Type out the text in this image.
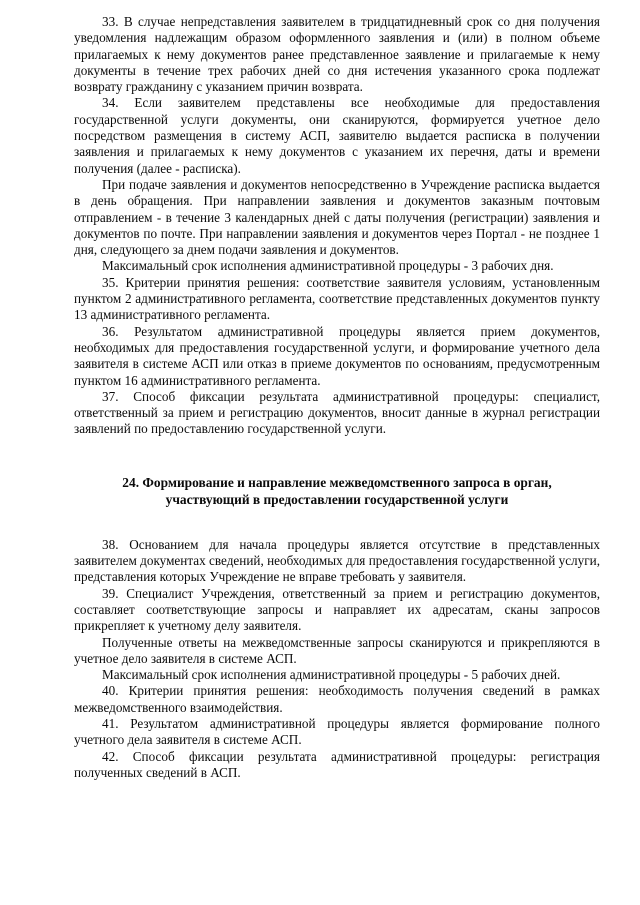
33. В случае непредставления заявителем в тридцатидневный срок со дня получения уведомления надлежащим образом оформленного заявления и (или) в полном объеме прилагаемых к нему документов ранее представленное заявление и прилагаемые к нему документы в течение трех рабочих дней со дня истечения указанного срока подлежат возврату гражданину с указанием причин возврата.

34. Если заявителем представлены все необходимые для предоставления государственной услуги документы, они сканируются, формируется учетное дело посредством размещения в систему АСП, заявителю выдается расписка в получении заявления и прилагаемых к нему документов с указанием их перечня, даты и времени получения (далее - расписка).

При подаче заявления и документов непосредственно в Учреждение расписка выдается в день обращения. При направлении заявления и документов заказным почтовым отправлением - в течение 3 календарных дней с даты получения (регистрации) заявления и документов по почте. При направлении заявления и документов через Портал - не позднее 1 дня, следующего за днем подачи заявления и документов.

Максимальный срок исполнения административной процедуры - 3 рабочих дня.

35. Критерии принятия решения: соответствие заявителя условиям, установленным пунктом 2 административного регламента, соответствие представленных документов пункту 13 административного регламента.

36. Результатом административной процедуры является прием документов, необходимых для предоставления государственной услуги, и формирование учетного дела заявителя в системе АСП или отказ в приеме документов по основаниям, предусмотренным пунктом 16 административного регламента.

37. Способ фиксации результата административной процедуры: специалист, ответственный за прием и регистрацию документов, вносит данные в журнал регистрации заявлений по предоставлению государственной услуги.

24. Формирование и направление межведомственного запроса в орган,
участвующий в предоставлении государственной услуги

38. Основанием для начала процедуры является отсутствие в представленных заявителем документах сведений, необходимых для предоставления государственной услуги, представления которых Учреждение не вправе требовать у заявителя.

39. Специалист Учреждения, ответственный за прием и регистрацию документов, составляет соответствующие запросы и направляет их адресатам, сканы запросов прикрепляет к учетному делу заявителя.

Полученные ответы на межведомственные запросы сканируются и прикрепляются в учетное дело заявителя в системе АСП.

Максимальный срок исполнения административной процедуры - 5 рабочих дней.

40. Критерии принятия решения: необходимость получения сведений в рамках межведомственного взаимодействия.

41. Результатом административной процедуры является формирование полного учетного дела заявителя в системе АСП.

42. Способ фиксации результата административной процедуры: регистрация полученных сведений в АСП.
